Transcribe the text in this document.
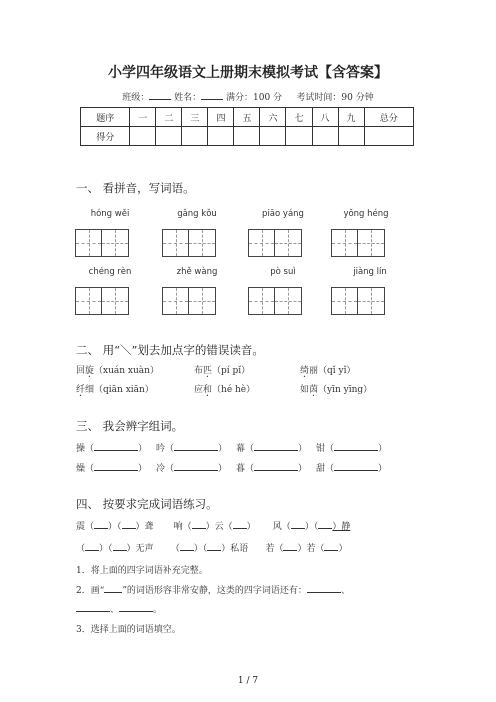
小学四年级语文上册期末模拟考试【含答案】
班级：	姓名：	满分：100 分 考试时间：90 分钟
题序	一	二	三	四	五	六	七	八	九	总分
得分										
一、 看拼音，写词语。
hóng wěi	gǎng kǒu	piāo yáng	yǒng héng
chéng rèn	zhě wàng	pò suì	jiàng lín
二、 用“＼”划去加点字的错误读音。
回旋（xuán xuàn）	布匹（pí pǐ）	绮丽（qǐ yǐ）
纤细（qiān xiān）	应和（hé hè）	如茵（yīn yīng）
三、 我会辨字组词。
操（	） 吟（	） 幕（	） 钳（	）
燥（	） 冷（	） 暮（	） 甜（	）
四、 按要求完成词语练习。
震（ ）（ ）聋 响（ ）云（ ） 风（ ）（ ）静
（ ）（ ）无声 （ ）（ ）私语 若（ ）若（ ）
1．将上面的四字词语补充完整。
2．画“ ”的词语形容非常安静，这类的四字词语还有：	、
、	。
3．选择上面的词语填空。
1 / 7
